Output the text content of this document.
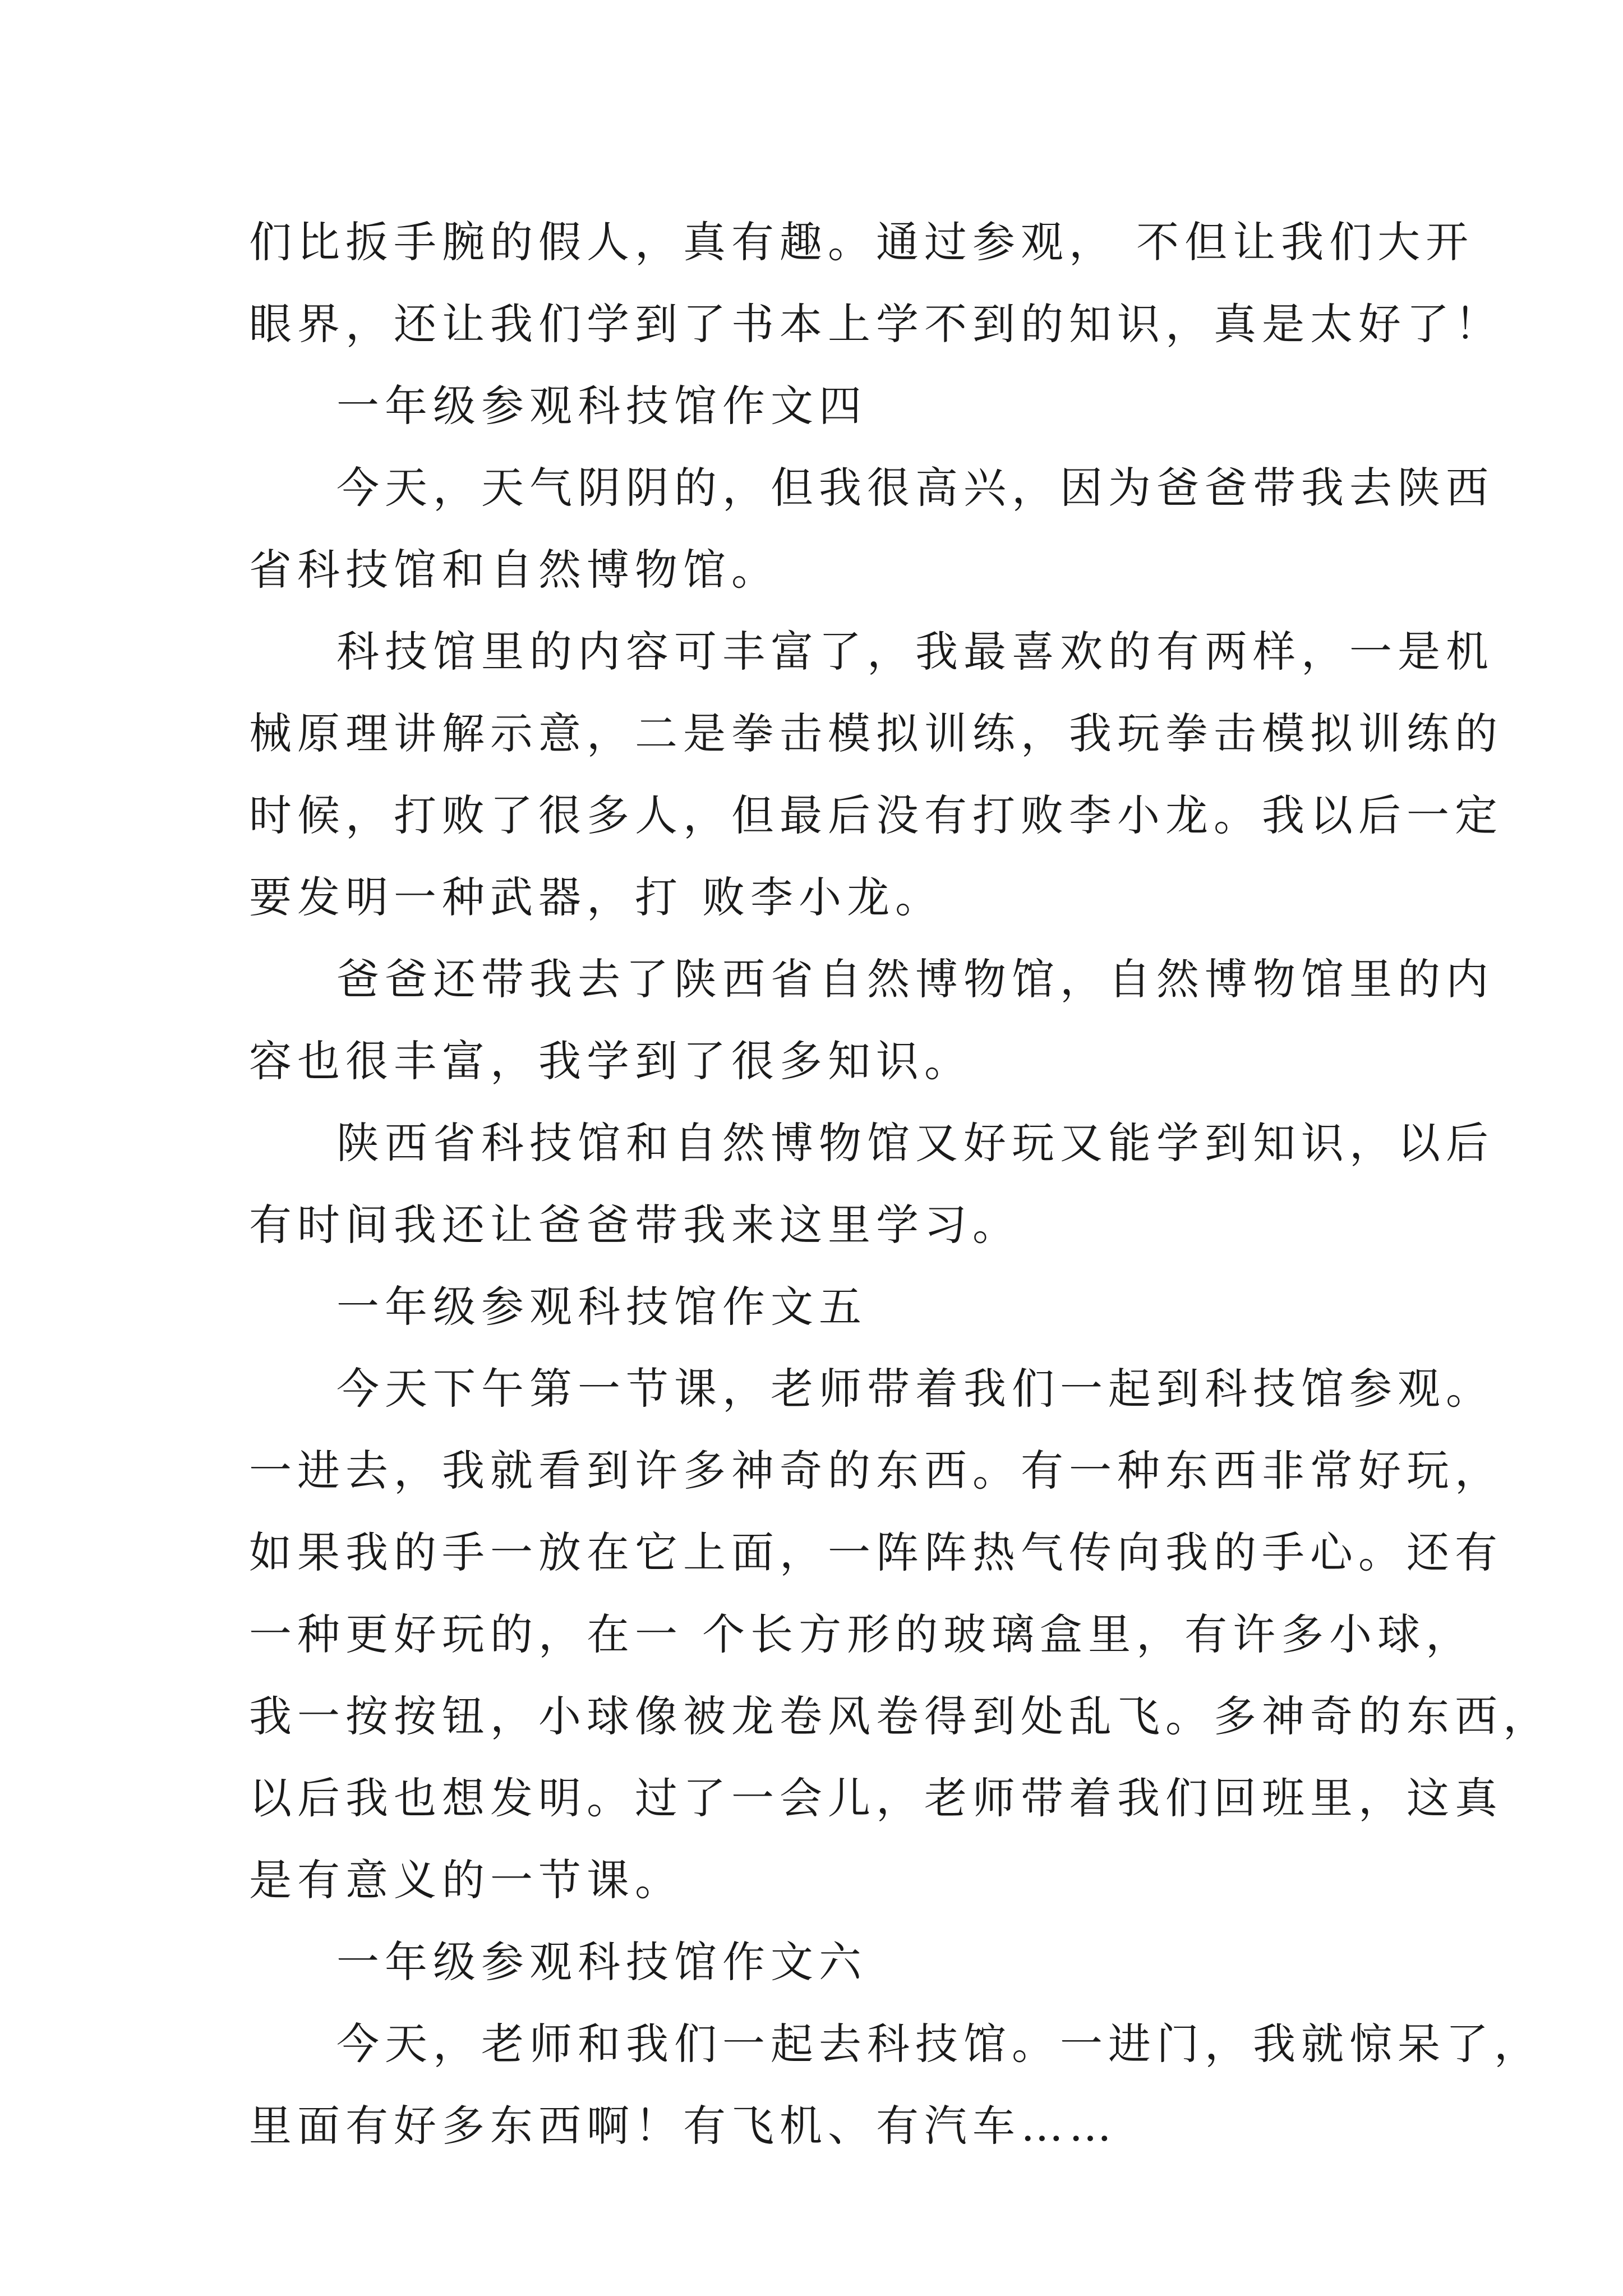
们比扳手腕的假人，真有趣。通过参观， 不但让我们大开
眼界，还让我们学到了书本上学不到的知识，真是太好了！
一年级参观科技馆作文四
今天，天气阴阴的，但我很高兴，因为爸爸带我去陕西
省科技馆和自然博物馆。
科技馆里的内容可丰富了，我最喜欢的有两样，一是机
械原理讲解示意，二是拳击模拟训练，我玩拳击模拟训练的
时候，打败了很多人，但最后没有打败李小龙。我以后一定
要发明一种武器，打 败李小龙。
爸爸还带我去了陕西省自然博物馆，自然博物馆里的内
容也很丰富，我学到了很多知识。
陕西省科技馆和自然博物馆又好玩又能学到知识，以后
有时间我还让爸爸带我来这里学习。
一年级参观科技馆作文五
今天下午第一节课，老师带着我们一起到科技馆参观。
一进去，我就看到许多神奇的东西。有一种东西非常好玩，
如果我的手一放在它上面，一阵阵热气传向我的手心。还有
一种更好玩的，在一 个长方形的玻璃盒里，有许多小球，
我一按按钮，小球像被龙卷风卷得到处乱飞。多神奇的东西，
以后我也想发明。过了一会儿，老师带着我们回班里，这真
是有意义的一节课。
一年级参观科技馆作文六
今天，老师和我们一起去科技馆。一进门，我就惊呆了，
里面有好多东西啊！有飞机、有汽车……
